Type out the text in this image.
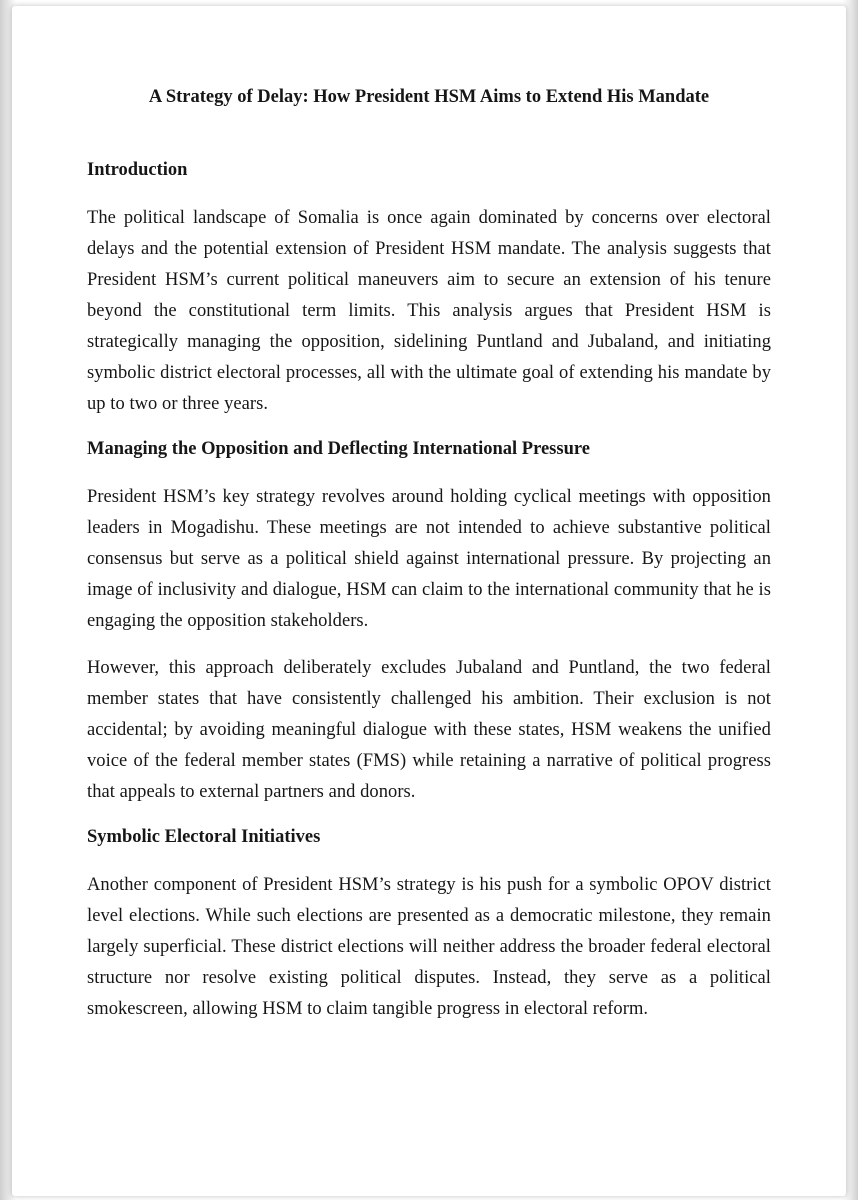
A Strategy of Delay: How President HSM Aims to Extend His Mandate
Introduction

The political landscape of Somalia is once again dominated by concerns over electoral delays and the potential extension of President HSM mandate. The analysis suggests that President HSM’s current political maneuvers aim to secure an extension of his tenure beyond the constitutional term limits. This analysis argues that President HSM is strategically managing the opposition, sidelining Puntland and Jubaland, and initiating symbolic district electoral processes, all with the ultimate goal of extending his mandate by up to two or three years.

Managing the Opposition and Deflecting International Pressure

President HSM’s key strategy revolves around holding cyclical meetings with opposition leaders in Mogadishu. These meetings are not intended to achieve substantive political consensus but serve as a political shield against international pressure. By projecting an image of inclusivity and dialogue, HSM can claim to the international community that he is engaging the opposition stakeholders.

However, this approach deliberately excludes Jubaland and Puntland, the two federal member states that have consistently challenged his ambition. Their exclusion is not accidental; by avoiding meaningful dialogue with these states, HSM weakens the unified voice of the federal member states (FMS) while retaining a narrative of political progress that appeals to external partners and donors.

Symbolic Electoral Initiatives

Another component of President HSM’s strategy is his push for a symbolic OPOV district level elections. While such elections are presented as a democratic milestone, they remain largely superficial. These district elections will neither address the broader federal electoral structure nor resolve existing political disputes. Instead, they serve as a political smokescreen, allowing HSM to claim tangible progress in electoral reform.
